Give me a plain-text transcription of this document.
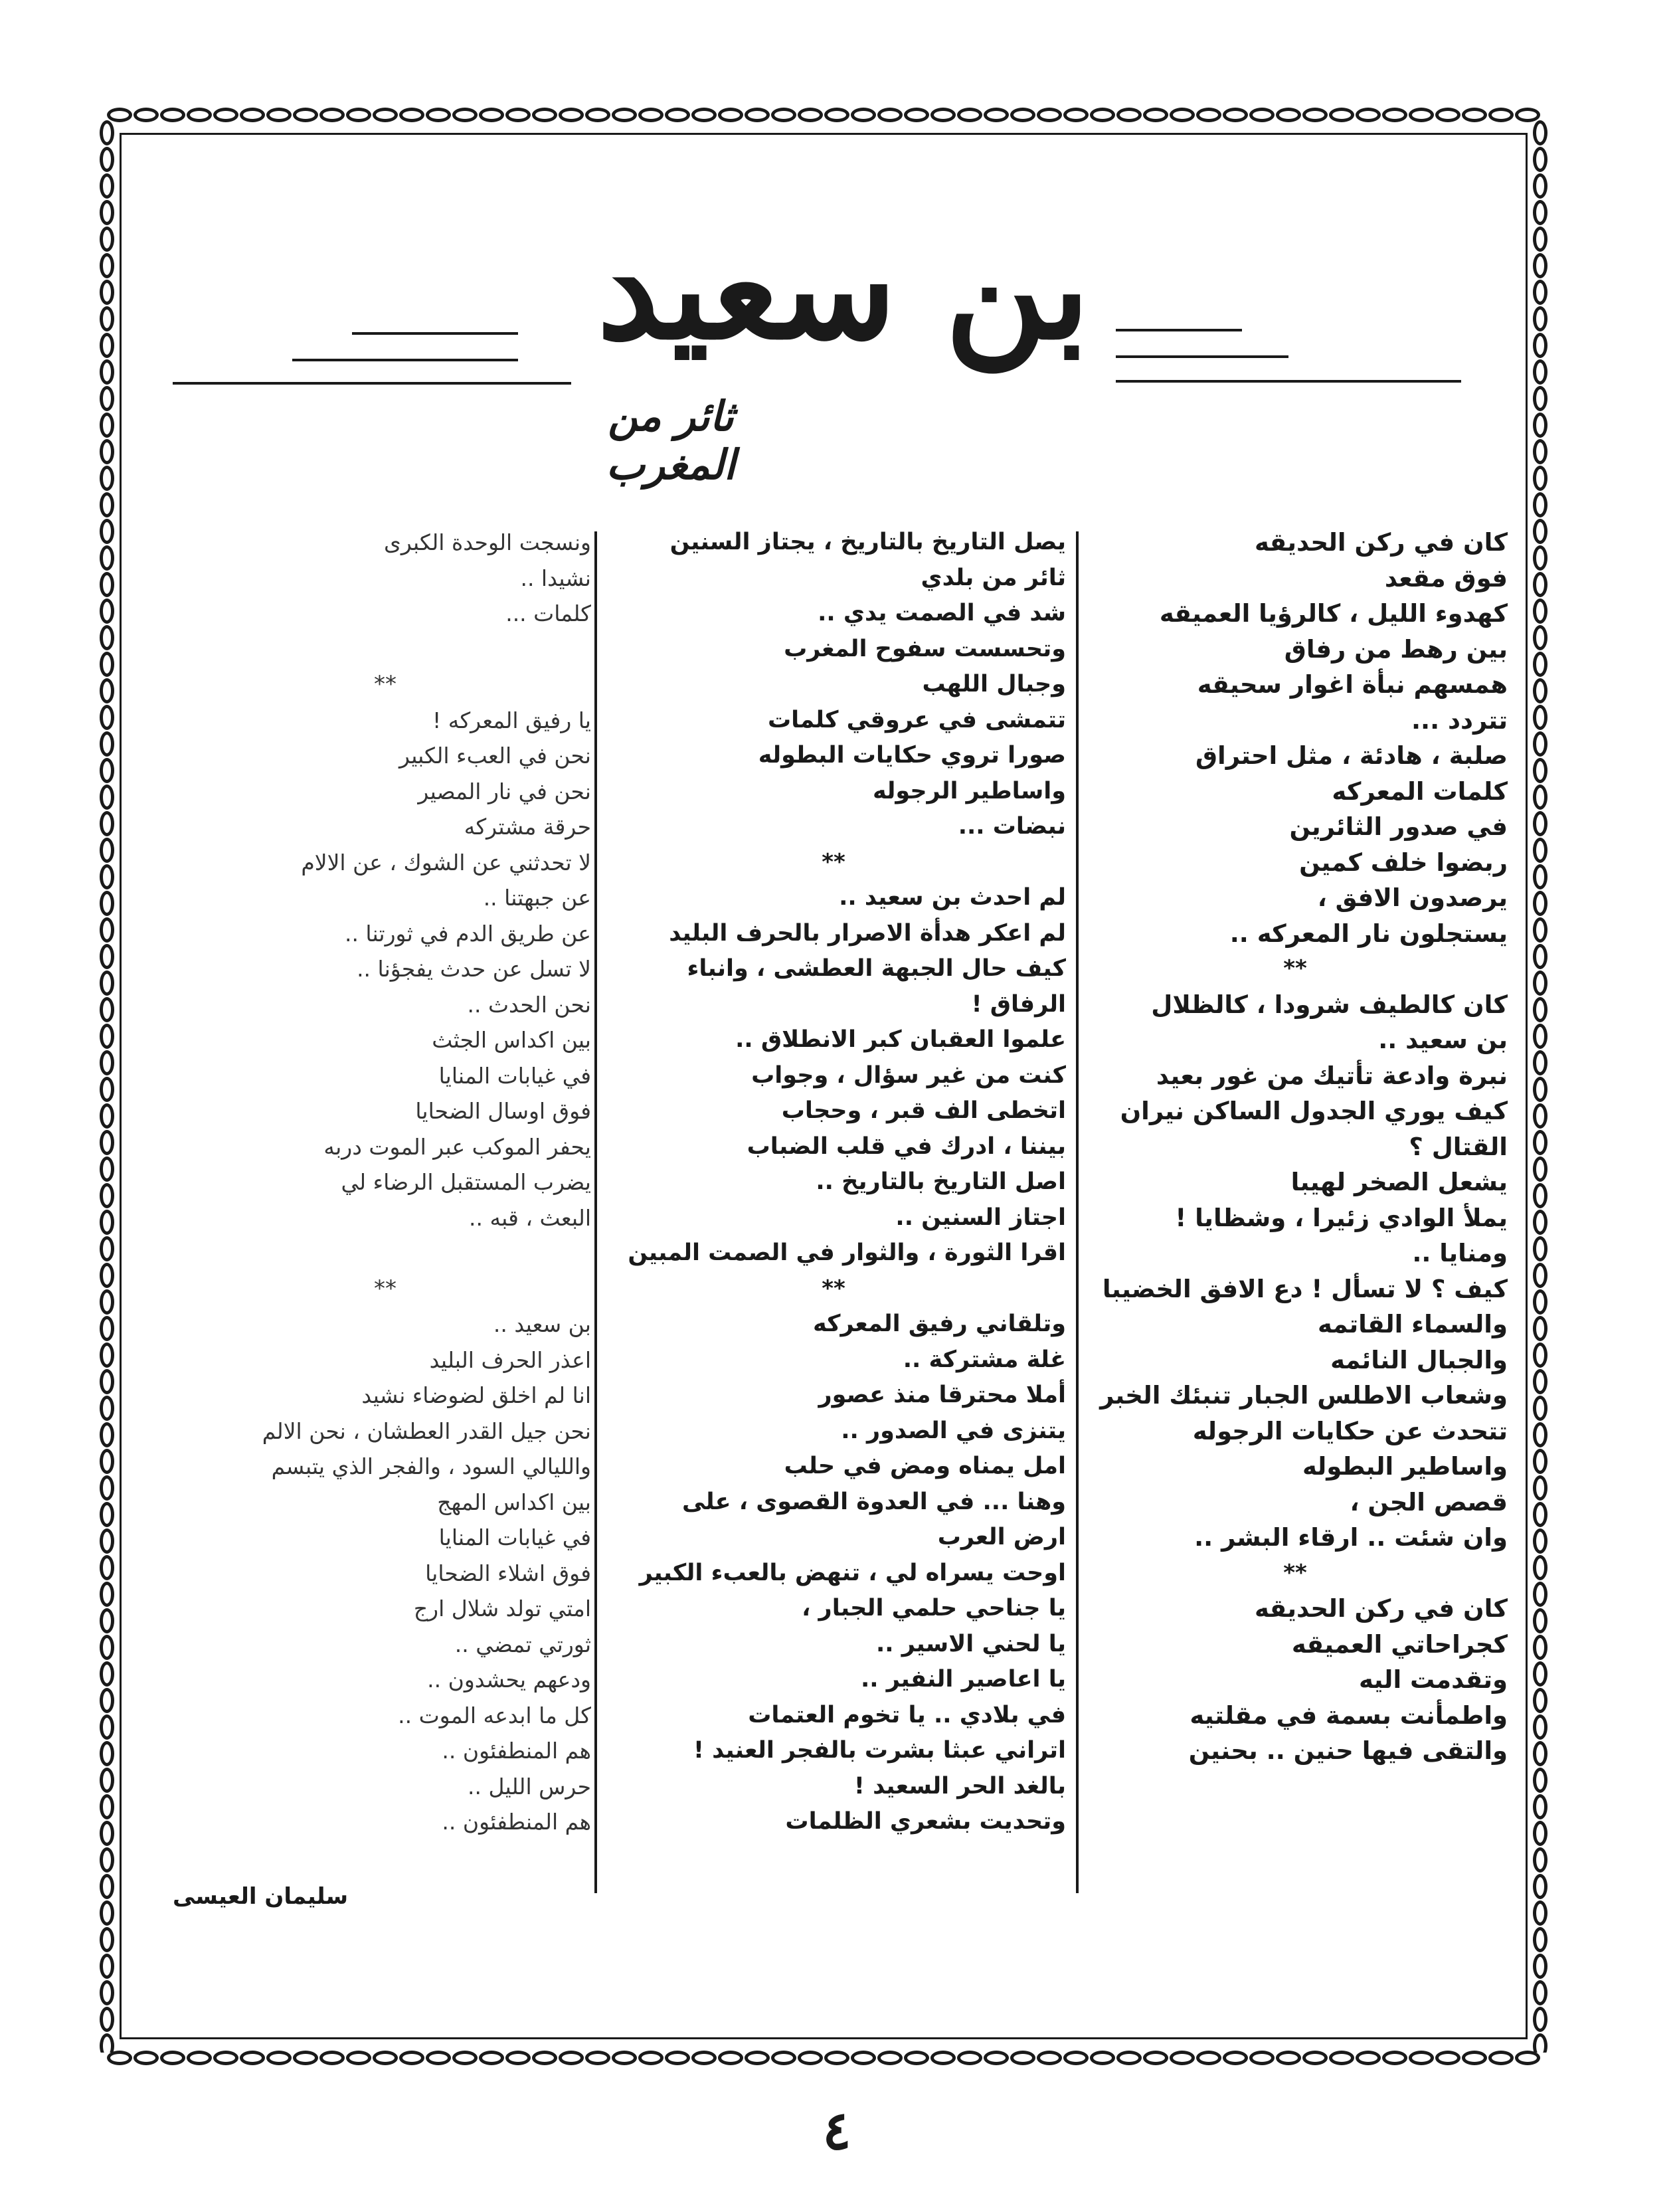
بن سعيد
ثائر من المغرب
كان في ركن الحديقه
فوق مقعد
كهدوء الليل ، كالرؤيا العميقه
بين رهط من رفاق
همسهم نبأة اغوار سحيقه
تتردد ...
صلبة ، هادئة ، مثل احتراق
كلمات المعركه
في صدور الثائرين
ربضوا خلف كمين
يرصدون الافق ،
يستجلون نار المعركه ..
**
كان كالطيف شرودا ، كالظلال
بن سعيد ..
نبرة وادعة تأتيك من غور بعيد
كيف يوري الجدول الساكن نيران
القتال ؟
يشعل الصخر لهيبا
يملأ الوادي زئيرا ، وشظايا !
ومنايا ..
كيف ؟ لا تسأل ! دع الافق الخضيبا
والسماء القاتمه
والجبال النائمه
وشعاب الاطلس الجبار تنبئك الخبر
تتحدث عن حكايات الرجوله
واساطير البطوله
قصص الجن ،
وان شئت .. ارقاء البشر ..
**
كان في ركن الحديقه
كجراحاتي العميقه
وتقدمت اليه
واطمأنت بسمة في مقلتيه
والتقى فيها حنين .. بحنين
يصل التاريخ بالتاريخ ، يجتاز السنين
ثائر من بلدي
شد في الصمت يدي ..
وتحسست سفوح المغرب
وجبال اللهب
تتمشى في عروقي كلمات
صورا تروي حكايات البطوله
واساطير الرجوله
نبضات ...
**
لم احدث بن سعيد ..
لم اعكر هدأة الاصرار بالحرف البليد
كيف حال الجبهة العطشى ، وانباء
الرفاق !
علموا العقبان كبر الانطلاق ..
كنت من غير سؤال ، وجواب
اتخطى الف قبر ، وحجاب
بيننا ، ادرك في قلب الضباب
اصل التاريخ بالتاريخ ..
اجتاز السنين ..
اقرا الثورة ، والثوار في الصمت المبين
**
وتلقاني رفيق المعركه
غلة مشتركة ..
أملا محترقا منذ عصور
يتنزى في الصدور ..
امل يمناه ومض في حلب
وهنا ... في العدوة القصوى ، على
ارض العرب
اوحت يسراه لي ، تنهض بالعبء الكبير
يا جناحي حلمي الجبار ،
يا لحني الاسير ..
يا اعاصير النفير ..
في بلادي .. يا تخوم العتمات
اتراني عبثا بشرت بالفجر العنيد !
بالغد الحر السعيد !
وتحديت بشعري الظلمات
ونسجت الوحدة الكبرى
نشيدا ..
كلمات ...
**
يا رفيق المعركه !
نحن في العبء الكبير
نحن في نار المصير
حرقة مشتركه
لا تحدثني عن الشوك ، عن الالام
عن جبهتنا ..
عن طريق الدم في ثورتنا ..
لا تسل عن حدث يفجؤنا ..
نحن الحدث ..
بين اكداس الجثث
في غيابات المنايا
فوق اوسال الضحايا
يحفر الموكب عبر الموت دربه
يضرب المستقبل الرضاء لي
البعث ، قبه ..
**
بن سعيد ..
اعذر الحرف البليد
انا لم اخلق لضوضاء نشيد
نحن جيل القدر العطشان ، نحن الالم
والليالي السود ، والفجر الذي يتبسم
بين اكداس المهج
في غيابات المنايا
فوق اشلاء الضحايا
امتي تولد شلال ارج
ثورتي تمضي ..
ودعهم يحشدون ..
كل ما ابدعه الموت ..
هم المنطفئون ..
حرس الليل ..
هم المنطفئون ..
سليمان العيسى
٤
